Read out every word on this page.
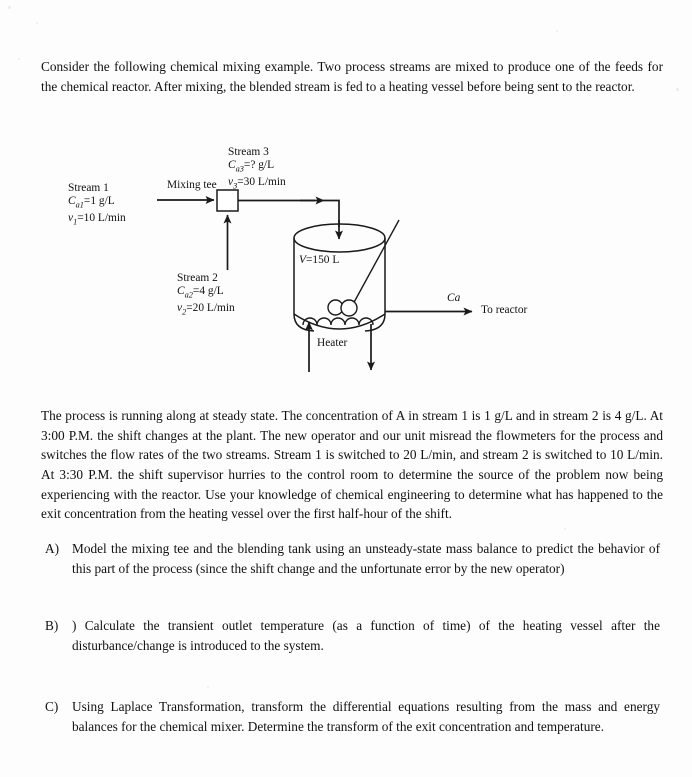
Consider the following chemical mixing example. Two process streams are mixed to produce one of the feeds for the chemical reactor. After mixing, the blended stream is fed to a heating vessel before being sent to the reactor.

Stream 1
$C_{a1}=1$ g/L
$v_1=10$ L/min
Stream 2
$C_{a2}=4$ g/L
$v_2=20$ L/min
Stream 3
$C_{a3}=$? g/L
$v_3=30$ L/min
Mixing tee
V=150 L
Ca
To reactor
Heater

The process is running along at steady state. The concentration of A in stream 1 is 1 g/L and in stream 2 is 4 g/L. At 3:00 P.M. the shift changes at the plant. The new operator and our unit misread the flowmeters for the process and switches the flow rates of the two streams. Stream 1 is switched to 20 L/min, and stream 2 is switched to 10 L/min. At 3:30 P.M. the shift supervisor hurries to the control room to determine the source of the problem now being experiencing with the reactor. Use your knowledge of chemical engineering to determine what has happened to the exit concentration from the heating vessel over the first half-hour of the shift.

A) Model the mixing tee and the blending tank using an unsteady-state mass balance to predict the behavior of this part of the process (since the shift change and the unfortunate error by the new operator)
B)	) Calculate the transient outlet temperature (as a function of time) of the heating vessel after the disturbance/change is introduced to the system.
C)	Using Laplace Transformation, transform the differential equations resulting from the mass and energy balances for the chemical mixer. Determine the transform of the exit concentration and temperature.
